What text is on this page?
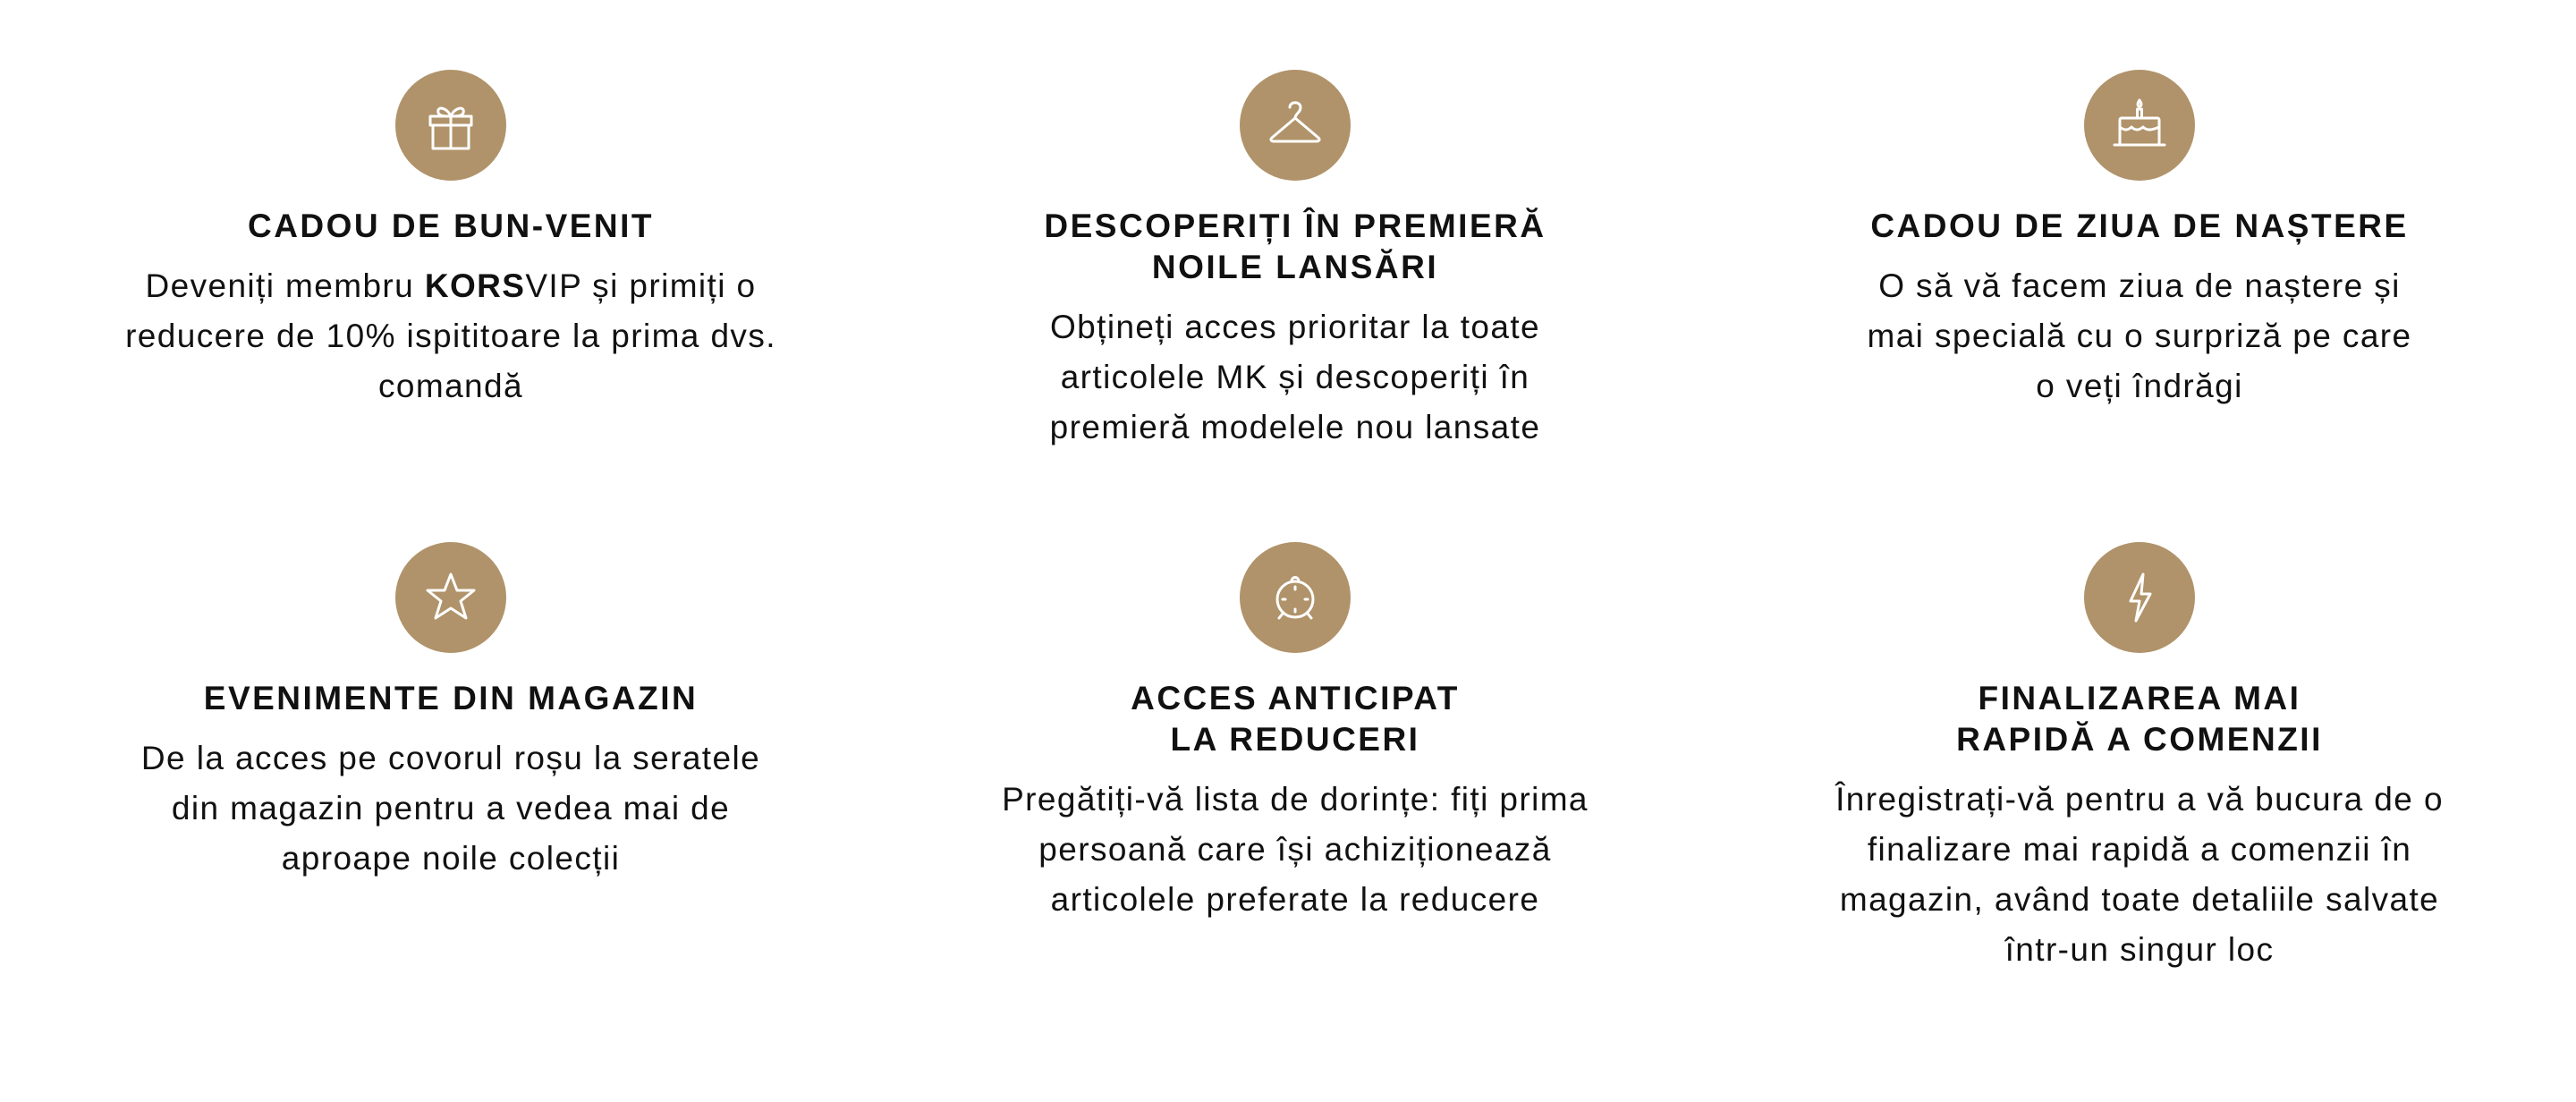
CADOU DE BUN-VENIT
Deveniți membru KORSVIP și primiți o reducere de 10% ispititoare la prima dvs. comandă
DESCOPERIȚI ÎN PREMIERĂ
NOILE LANSĂRI
Obțineți acces prioritar la toate articolele MK și descoperiți în premieră modelele nou lansate
CADOU DE ZIUA DE NAȘTERE
O să vă facem ziua de naștere și mai specială cu o surpriză pe care o veți îndrăgi
EVENIMENTE DIN MAGAZIN
De la acces pe covorul roșu la seratele din magazin pentru a vedea mai de aproape noile colecții
ACCES ANTICIPAT
LA REDUCERI
Pregătiți-vă lista de dorințe: fiți prima persoană care își achiziționează articolele preferate la reducere
FINALIZAREA MAI
RAPIDĂ A COMENZII
Înregistrați-vă pentru a vă bucura de o finalizare mai rapidă a comenzii în magazin, având toate detaliile salvate într-un singur loc
